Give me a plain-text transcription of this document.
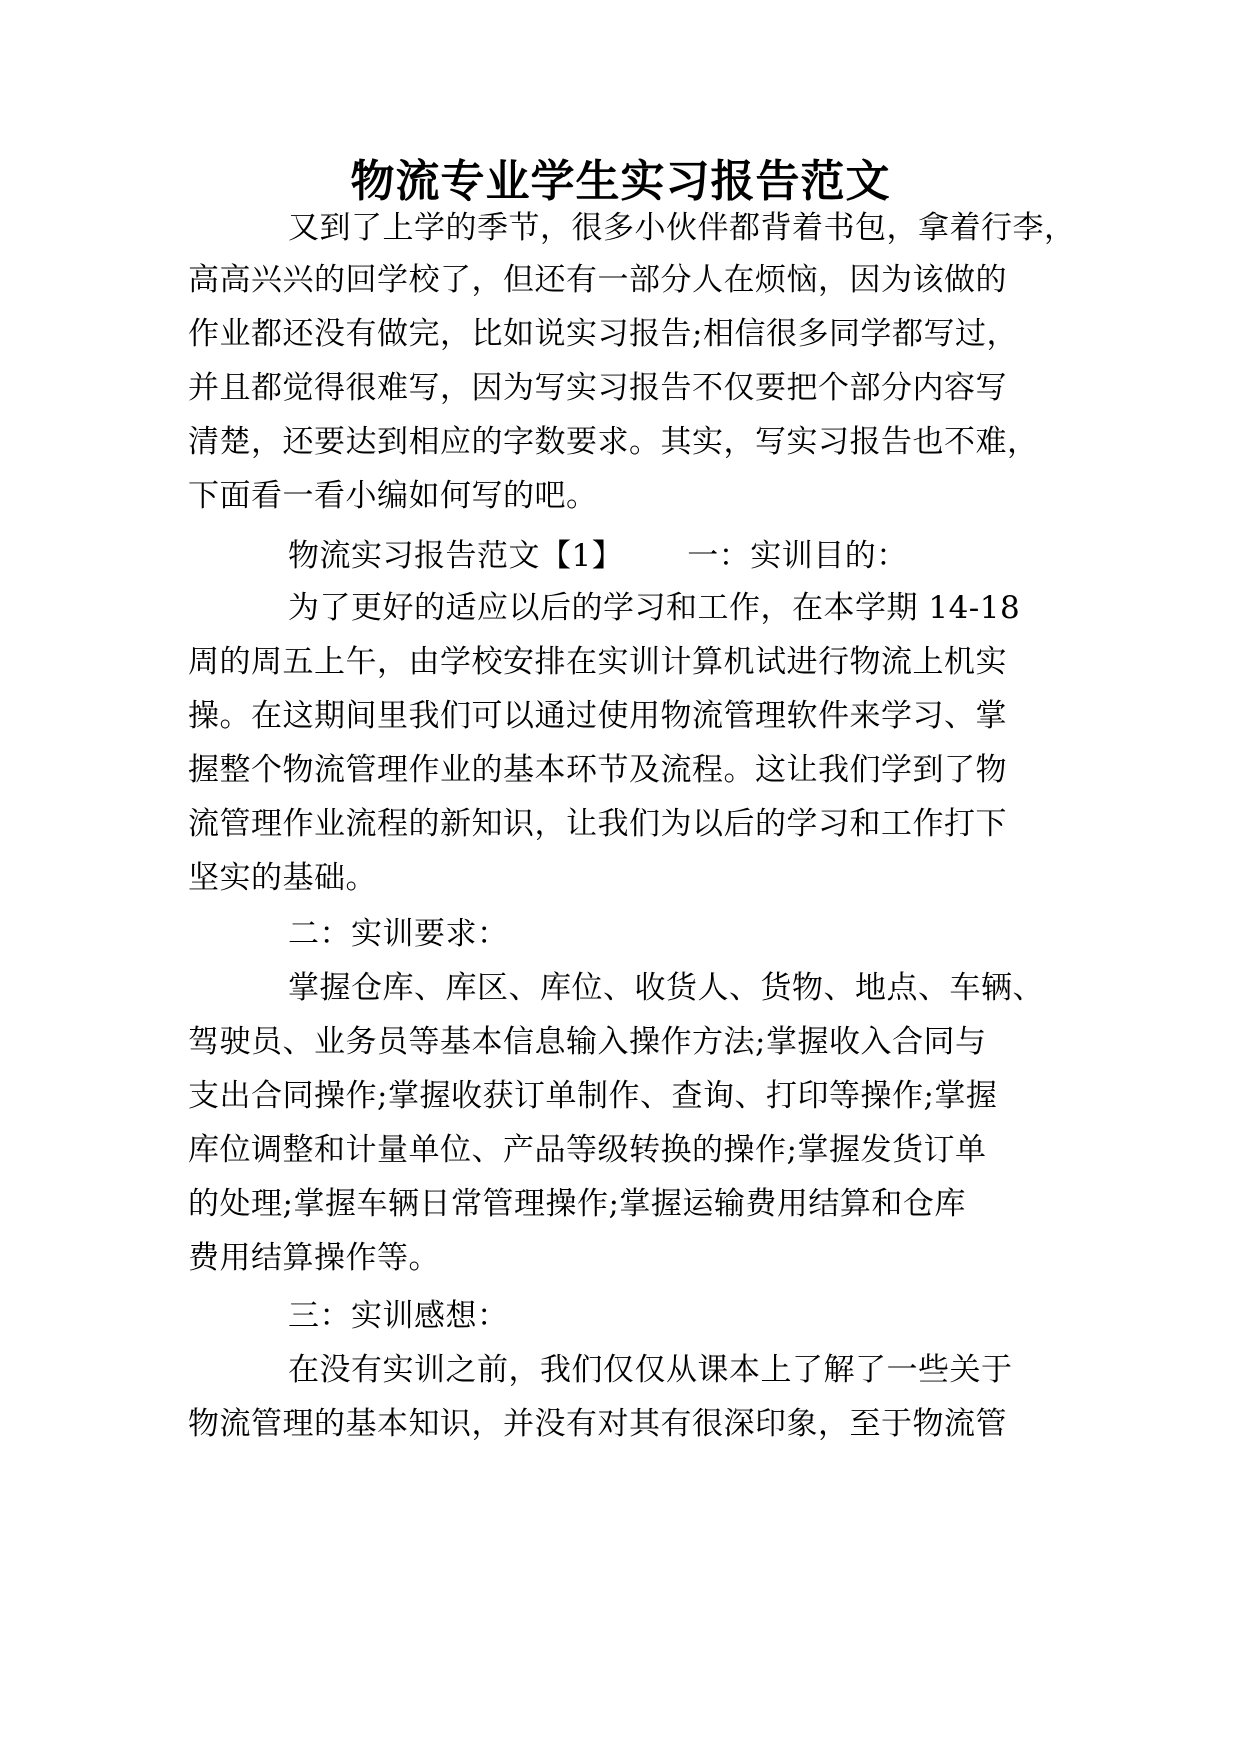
物流专业学生实习报告范文
又到了上学的季节，很多小伙伴都背着书包，拿着行李，
高高兴兴的回学校了，但还有一部分人在烦恼，因为该做的
作业都还没有做完，比如说实习报告;相信很多同学都写过，
并且都觉得很难写，因为写实习报告不仅要把个部分内容写
清楚，还要达到相应的字数要求。其实，写实习报告也不难，
下面看一看小编如何写的吧。
物流实习报告范文【1】 一：实训目的：
为了更好的适应以后的学习和工作，在本学期 14-18
周的周五上午，由学校安排在实训计算机试进行物流上机实
操。在这期间里我们可以通过使用物流管理软件来学习、掌
握整个物流管理作业的基本环节及流程。这让我们学到了物
流管理作业流程的新知识，让我们为以后的学习和工作打下
坚实的基础。
二：实训要求：
掌握仓库、库区、库位、收货人、货物、地点、车辆、
驾驶员、业务员等基本信息输入操作方法;掌握收入合同与
支出合同操作;掌握收获订单制作、查询、打印等操作;掌握
库位调整和计量单位、产品等级转换的操作;掌握发货订单
的处理;掌握车辆日常管理操作;掌握运输费用结算和仓库
费用结算操作等。
三：实训感想：
在没有实训之前，我们仅仅从课本上了解了一些关于
物流管理的基本知识，并没有对其有很深印象，至于物流管
